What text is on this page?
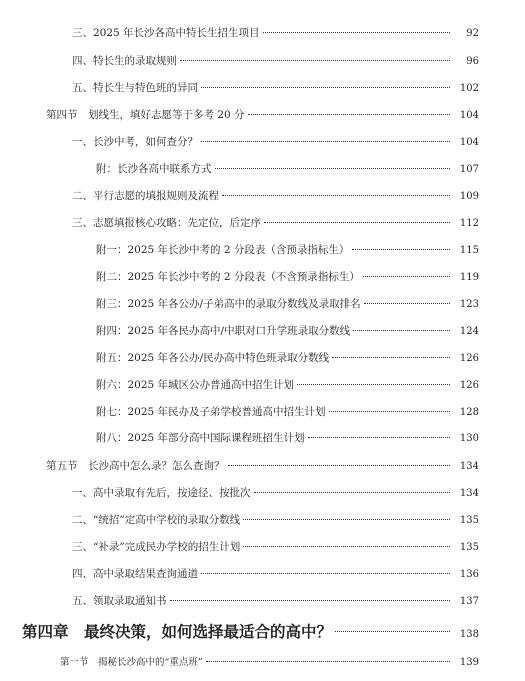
三、2025 年长沙各高中特长生招生项目	92
四、特长生的录取规则	96
五、特长生与特色班的异同	102
第四节　划线生，填好志愿等于多考 20 分	104
一、长沙中考，如何查分？	104
附：长沙各高中联系方式	107
二、平行志愿的填报规则及流程	109
三、志愿填报核心攻略：先定位，后定序	112
附一：2025 年长沙中考的 2 分段表（含预录指标生）	115
附二：2025 年长沙中考的 2 分段表（不含预录指标生）	119
附三：2025 年各公办/子弟高中的录取分数线及录取排名	123
附四：2025 年各民办高中/中职对口升学班录取分数线	124
附五：2025 年各公办/民办高中特色班录取分数线	126
附六：2025 年城区公办普通高中招生计划	126
附七：2025 年民办及子弟学校普通高中招生计划	128
附八：2025 年部分高中国际课程班招生计划	130
第五节　长沙高中怎么录？怎么查询？	134
一、高中录取有先后，按途径、按批次	134
二、“统招”定高中学校的录取分数线	135
三、“补录”完成民办学校的招生计划	135
四、高中录取结果查询通道	136
五、领取录取通知书	137
第四章　最终决策，如何选择最适合的高中？	138
第一节　揭秘长沙高中的“重点班”	139
